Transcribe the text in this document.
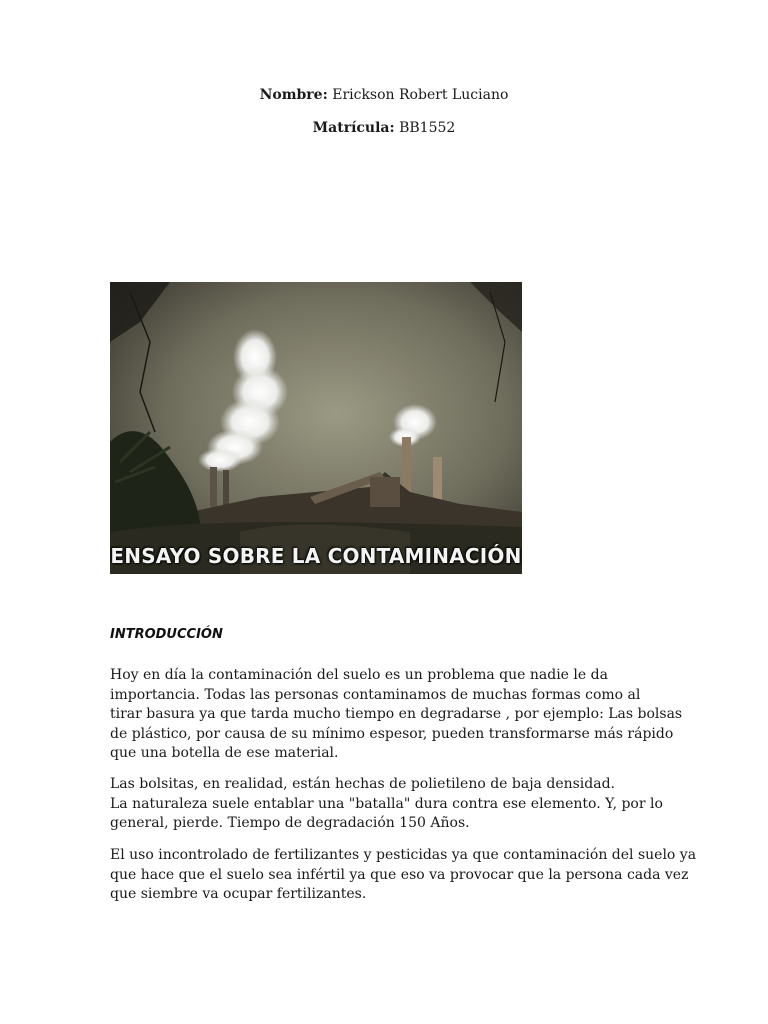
Nombre: Erickson Robert Luciano
Matrícula: BB1552
ENSAYO SOBRE LA CONTAMINACIÓN
INTRODUCCIÓN
Hoy en día la contaminación del suelo es un problema que nadie le da
importancia. Todas las personas contaminamos de muchas formas como al
tirar basura ya que tarda mucho tiempo en degradarse , por ejemplo: Las bolsas
de plástico, por causa de su mínimo espesor, pueden transformarse más rápido
que una botella de ese material.
Las bolsitas, en realidad, están hechas de polietileno de baja densidad.
La naturaleza suele entablar una "batalla" dura contra ese elemento. Y, por lo
general, pierde. Tiempo de degradación 150 Años.
El uso incontrolado de fertilizantes y pesticidas ya que contaminación del suelo ya
que hace que el suelo sea infértil ya que eso va provocar que la persona cada vez
que siembre va ocupar fertilizantes.
